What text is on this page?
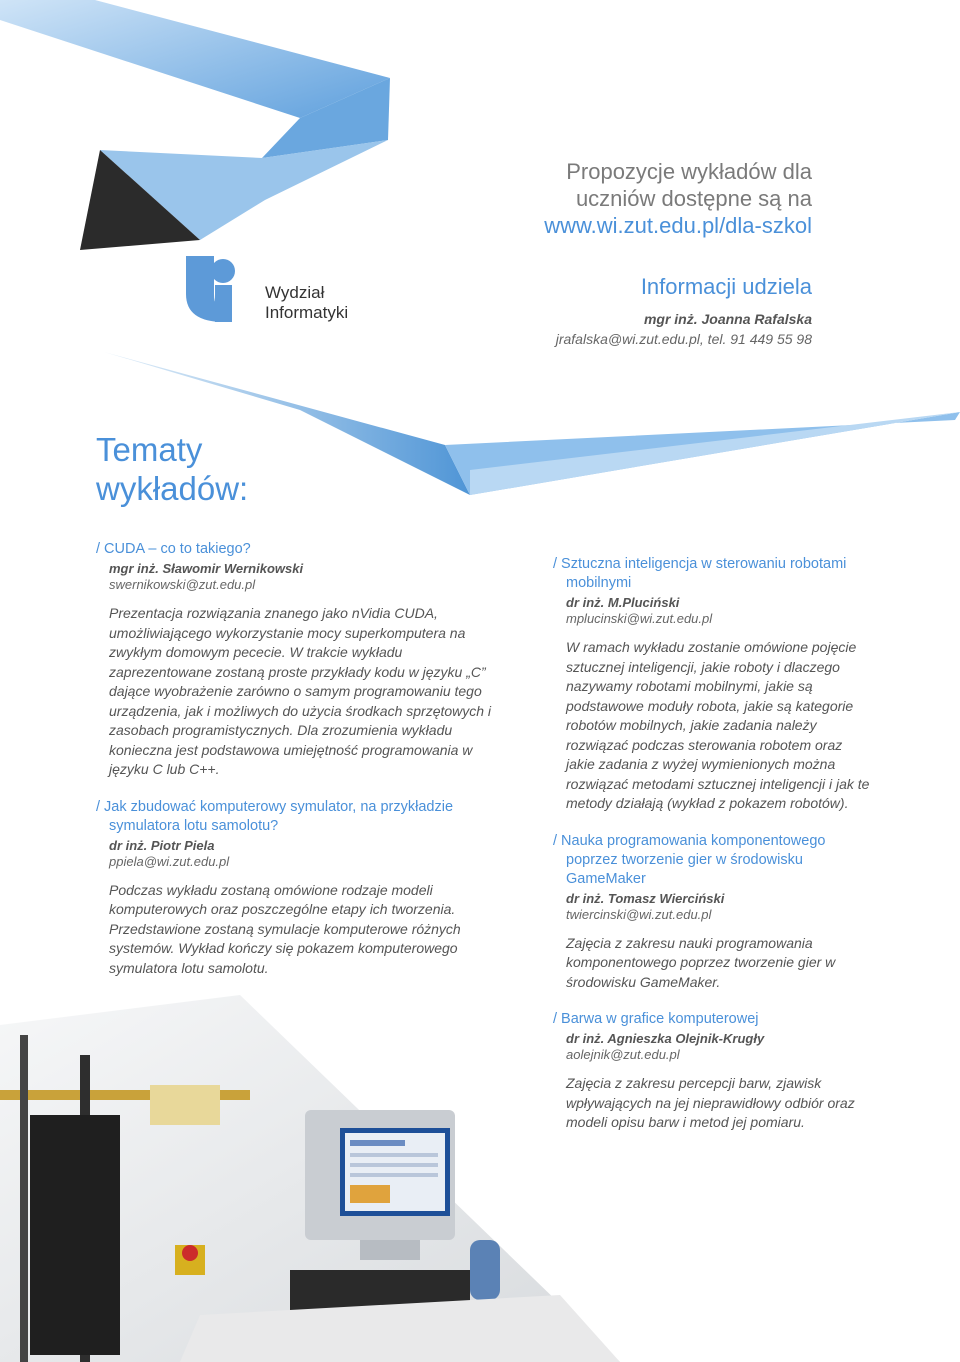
Propozycje wykładów dla
uczniów dostępne są na
www.wi.zut.edu.pl/dla-szkol
Informacji udziela
mgr inż. Joanna Rafalska
jrafalska@wi.zut.edu.pl, tel. 91 449 55 98
Wydział
Informatyki
Tematy
wykładów:
/ CUDA – co to takiego?
mgr inż. Sławomir Wernikowski
swernikowski@zut.edu.pl
Prezentacja rozwiązania znanego jako nVidia CUDA, umożliwiającego wykorzystanie mocy superkomputera na zwykłym domowym pececie. W trakcie wykładu zaprezentowane zostaną proste przykłady kodu w języku „C” dające wyobrażenie zarówno o samym programowaniu tego urządzenia, jak i możliwych do użycia środkach sprzętowych i zasobach programistycznych. Dla zrozumienia wykładu konieczna jest podstawowa umiejętność programowania w języku C lub C++.
/ Jak zbudować komputerowy symulator, na przykładzie symulatora lotu samolotu?
dr inż. Piotr Piela
ppiela@wi.zut.edu.pl
Podczas wykładu zostaną omówione rodzaje modeli komputerowych oraz poszczególne etapy ich tworzenia. Przedstawione zostaną symulacje komputerowe różnych systemów. Wykład kończy się pokazem komputerowego symulatora lotu samolotu.
/ Sztuczna inteligencja w sterowaniu robotami mobilnymi
dr inż. M.Pluciński
mplucinski@wi.zut.edu.pl
W ramach wykładu zostanie omówione pojęcie sztucznej inteligencji, jakie roboty i dlaczego nazywamy robotami mobilnymi, jakie są podstawowe moduły robota, jakie są kategorie robotów mobilnych, jakie zadania należy rozwiązać podczas sterowania robotem oraz jakie zadania z wyżej wymienionych można rozwiązać metodami sztucznej inteligencji i jak te metody działają (wykład z pokazem robotów).
/ Nauka programowania komponentowego poprzez tworzenie gier w środowisku GameMaker
dr inż. Tomasz Wierciński
twiercinski@wi.zut.edu.pl
Zajęcia z zakresu nauki programowania komponentowego poprzez tworzenie gier w środowisku GameMaker.
/ Barwa w grafice komputerowej
dr inż. Agnieszka Olejnik-Krugły
aolejnik@zut.edu.pl
Zajęcia z zakresu percepcji barw, zjawisk wpływających na jej nieprawidłowy odbiór oraz modeli opisu barw i metod jej pomiaru.
